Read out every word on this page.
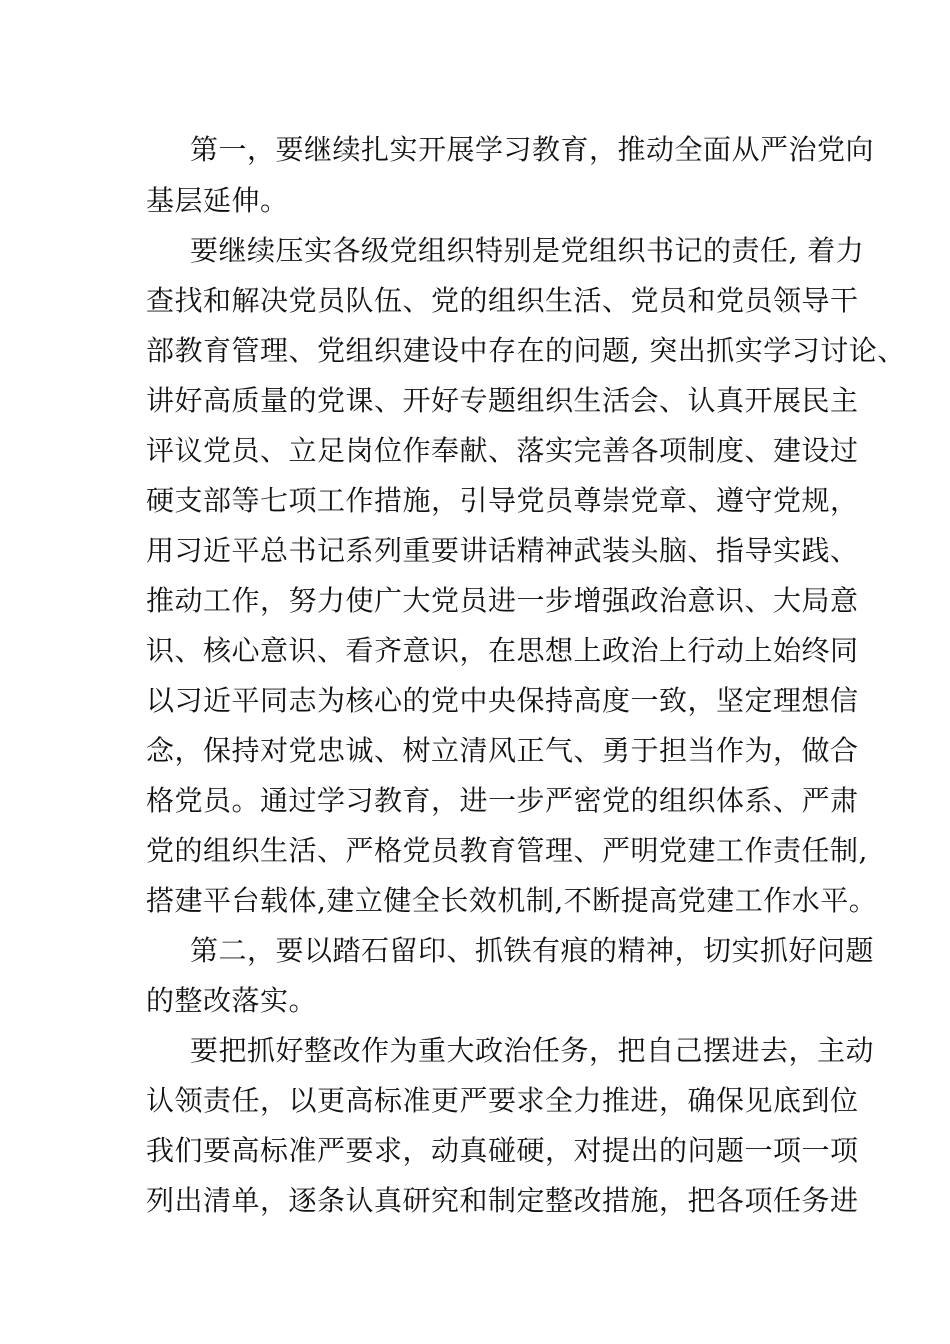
第一，要继续扎实开展学习教育，推动全面从严治党向
基层延伸。
要继续压实各级党组织特别是党组织书记的责任, 着力
查找和解决党员队伍、党的组织生活、党员和党员领导干
部教育管理、党组织建设中存在的问题, 突出抓实学习讨论、
讲好高质量的党课、开好专题组织生活会、认真开展民主
评议党员、立足岗位作奉献、落实完善各项制度、建设过
硬支部等七项工作措施，引导党员尊崇党章、遵守党规，
用习近平总书记系列重要讲话精神武装头脑、指导实践、
推动工作，努力使广大党员进一步增强政治意识、大局意
识、核心意识、看齐意识，在思想上政治上行动上始终同
以习近平同志为核心的党中央保持高度一致，坚定理想信
念，保持对党忠诚、树立清风正气、勇于担当作为，做合
格党员。通过学习教育，进一步严密党的组织体系、严肃
党的组织生活、严格党员教育管理、严明党建工作责任制,
搭建平台载体,建立健全长效机制,不断提高党建工作水平。
第二，要以踏石留印、抓铁有痕的精神，切实抓好问题
的整改落实。
要把抓好整改作为重大政治任务，把自己摆进去，主动
认领责任，以更高标准更严要求全力推进，确保见底到位
我们要高标准严要求，动真碰硬，对提出的问题一项一项
列出清单，逐条认真研究和制定整改措施，把各项任务进
